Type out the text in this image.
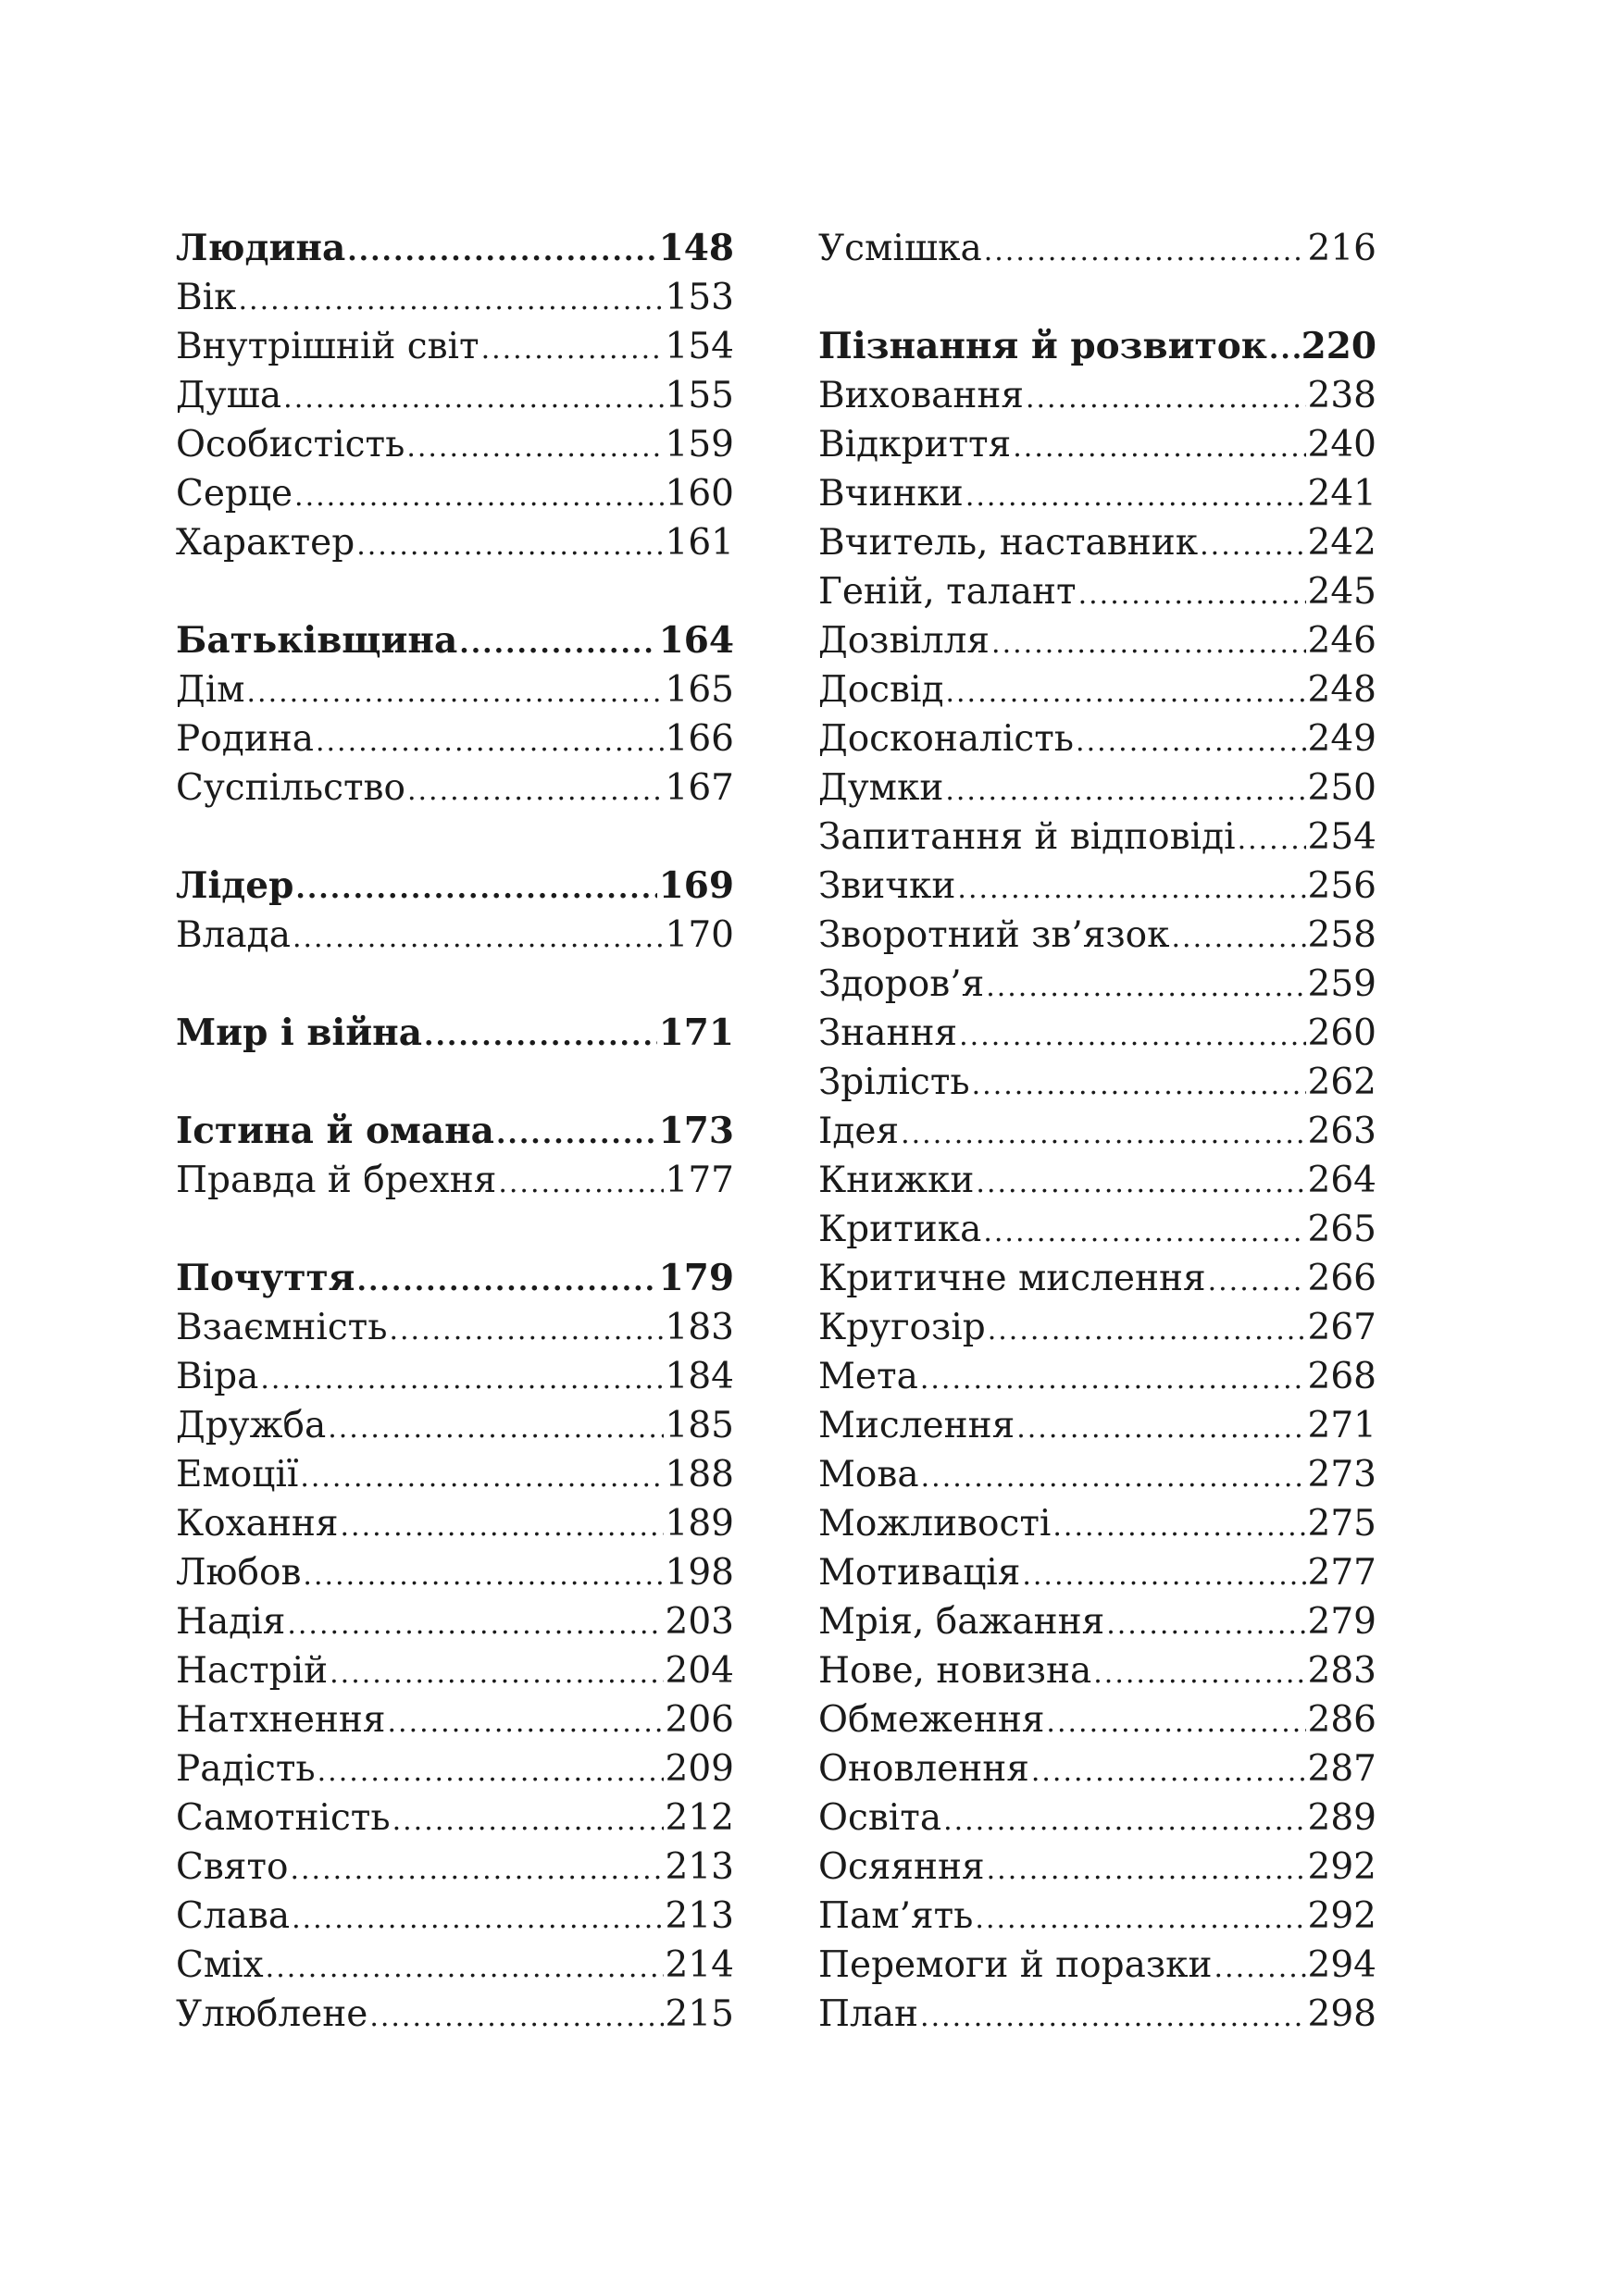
Людина .....	148
Вік .....	153
Внутрішній світ .....	154
Душа .....	155
Особистість .....	159
Серце .....	160
Характер .....	161
Батьківщина .....	164
Дім .....	165
Родина .....	166
Суспільство .....	167
Лідер .....	169
Влада .....	170
Мир і війна .....	171
Істина й омана .....	173
Правда й брехня .....	177
Почуття .....	179
Взаємність .....	183
Віра .....	184
Дружба .....	185
Емоції .....	188
Кохання .....	189
Любов .....	198
Надія .....	203
Настрій .....	204
Натхнення .....	206
Радість .....	209
Самотність .....	212
Свято .....	213
Слава .....	213
Сміх .....	214
Улюблене .....	215
Усмішка .....	216
Пізнання й розвиток ..... 220
Виховання .....	238
Відкриття .....	240
Вчинки .....	241
Вчитель, наставник .....	242
Геній, талант .....	245
Дозвілля .....	246
Досвід .....	248
Досконалість .....	249
Думки .....	250
Запитання й відповіді ..... 254
Звички .....	256
Зворотний зв’язок .....	258
Здоров’я .....	259
Знання .....	260
Зрілість .....	262
Ідея .....	263
Книжки .....	264
Критика .....	265
Критичне мислення .....	266
Кругозір .....	267
Мета .....	268
Мислення .....	271
Мова .....	273
Можливості .....	275
Мотивація .....	277
Мрія, бажання .....	279
Нове, новизна .....	283
Обмеження .....	286
Оновлення .....	287
Освіта .....	289
Осяяння .....	292
Пам’ять .....	292
Перемоги й поразки .....	294
План .....	298
